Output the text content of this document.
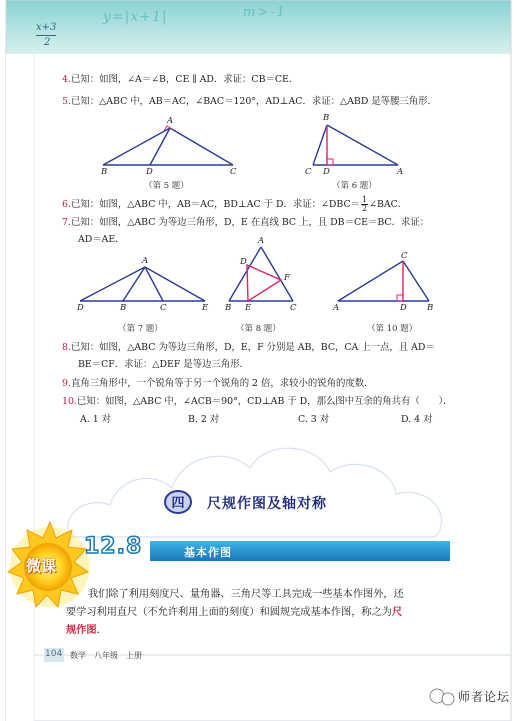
x+3
2
y=|x+1|	m>-1
4.已知：如图，∠A＝∠B，CE ∥ AD．求证：CB＝CE．
5.已知：△ABC 中，AB＝AC，∠BAC＝120°，AD⊥AC．求证：△ABD 是等腰三角形．
A
B	D	C
（第 5 题）
B
C D	A
（第 6 题）
6.已知：如图，△ABC 中，AB＝AC，BD⊥AC 于 D．求证：∠DBC＝ $\frac{1}{2}$ ∠BAC．
7.已知：如图，△ABC 为等边三角形，D，E 在直线 BC 上，且 DB＝CE＝BC．求证：
AD＝AE．
A
D	B	C	E
（第 7 题）
A
D
F
B E	C
（第 8 题）
C
A	D B
（第 10 题）
8.已知：如图，△ABC 为等边三角形，D，E，F 分别是 AB，BC，CA 上一点，且 AD＝
BE＝CF．求证：△DEF 是等边三角形．
9.直角三角形中，一个锐角等于另一个锐角的 2 倍，求较小的锐角的度数．
10.已知：如图，△ABC 中，∠ACB＝90°，CD⊥AB 于 D，那么图中互余的角共有（　　）．
A. 1 对	B. 2 对	C. 3 对	D. 4 对
四	尺规作图及轴对称
微课
12.8	基本作图
我们除了利用刻度尺、量角器、三角尺等工具完成一些基本作图外，还
要学习利用直尺（不允许利用上面的刻度）和圆规完成基本作图，称之为尺
规作图．
104 数学　八年级　上册
师者论坛
